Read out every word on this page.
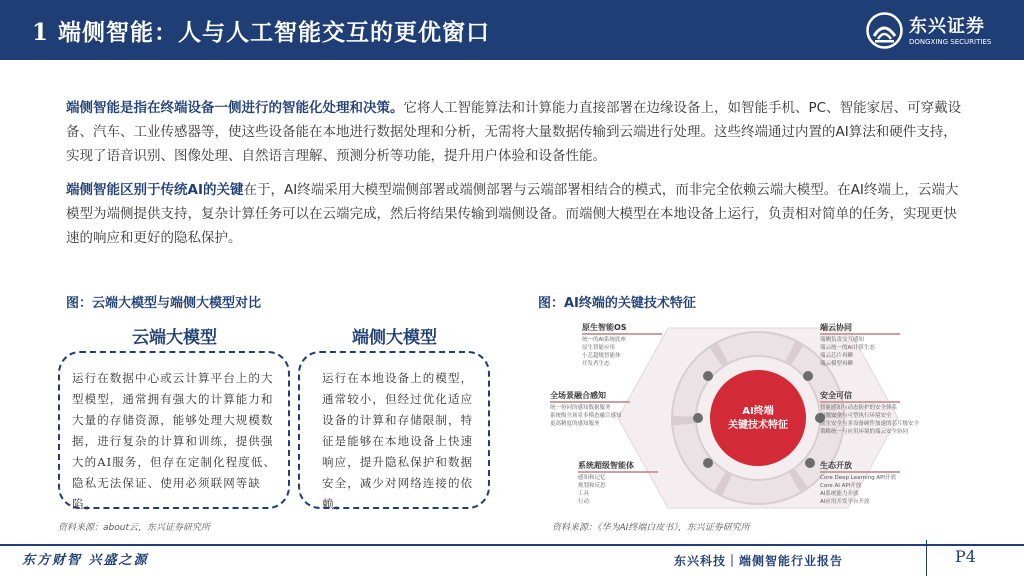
1 端侧智能：人与人工智能交互的更优窗口	东兴证券
DONGXING SECURITIES
端侧智能是指在终端设备一侧进行的智能化处理和决策。它将人工智能算法和计算能力直接部署在边缘设备上，如智能手机、PC、智能家居、可穿戴设备、汽车、工业传感器等，使这些设备能在本地进行数据处理和分析，无需将大量数据传输到云端进行处理。这些终端通过内置的AI算法和硬件支持，实现了语音识别、图像处理、自然语言理解、预测分析等功能，提升用户体验和设备性能。
端侧智能区别于传统AI的关键在于，AI终端采用大模型端侧部署或端侧部署与云端部署相结合的模式，而非完全依赖云端大模型。在AI终端上，云端大模型为端侧提供支持，复杂计算任务可以在云端完成，然后将结果传输到端侧设备。而端侧大模型在本地设备上运行，负责相对简单的任务，实现更快速的响应和更好的隐私保护。
图：云端大模型与端侧大模型对比
云端大模型	端侧大模型
运行在数据中心或云计算平台上的大型模型，通常拥有强大的计算能力和大量的存储资源，能够处理大规模数据，进行复杂的计算和训练，提供强大的AI服务，但存在定制化程度低、隐私无法保证、使用必须联网等缺陷。
运行在本地设备上的模型，通常较小，但经过优化适应设备的计算和存储限制，特征是能够在本地设备上快速响应，提升隐私保护和数据安全，减少对网络连接的依赖。
资料来源：about云，东兴证券研究所
图：AI终端的关键技术特征
AI终端
关键技术特征
原生智能OS
统一的AI系统底座
原生智能应用
小艺超级智能体
开发者生态
端云协同
端侧负责交互感知
端云统一的AI计算生态
端云芯片再瞬
端云模型再瞬
全场景融合感知
统一协同的感知数据服务
系统级全场景多模态融合感知
更高精度的感知服务
安全可信
智能感知与动态防护的安全体系
内置安全与可塑执行环境安全
原生安全与多设备硬件加速的芯片级安全
策略统一与应用环境的端云安全协同
系统超级智能体
感知和记忆
规划和反思
工具
行动
生态开放
Core Deep Learning API开放
Core AI API开放
AI系统能力开放
AI应用开发平台开放
资料来源：《华为AI终端白皮书》，东兴证券研究所
东方财智 兴盛之源	东兴科技｜端侧智能行业报告	P4
